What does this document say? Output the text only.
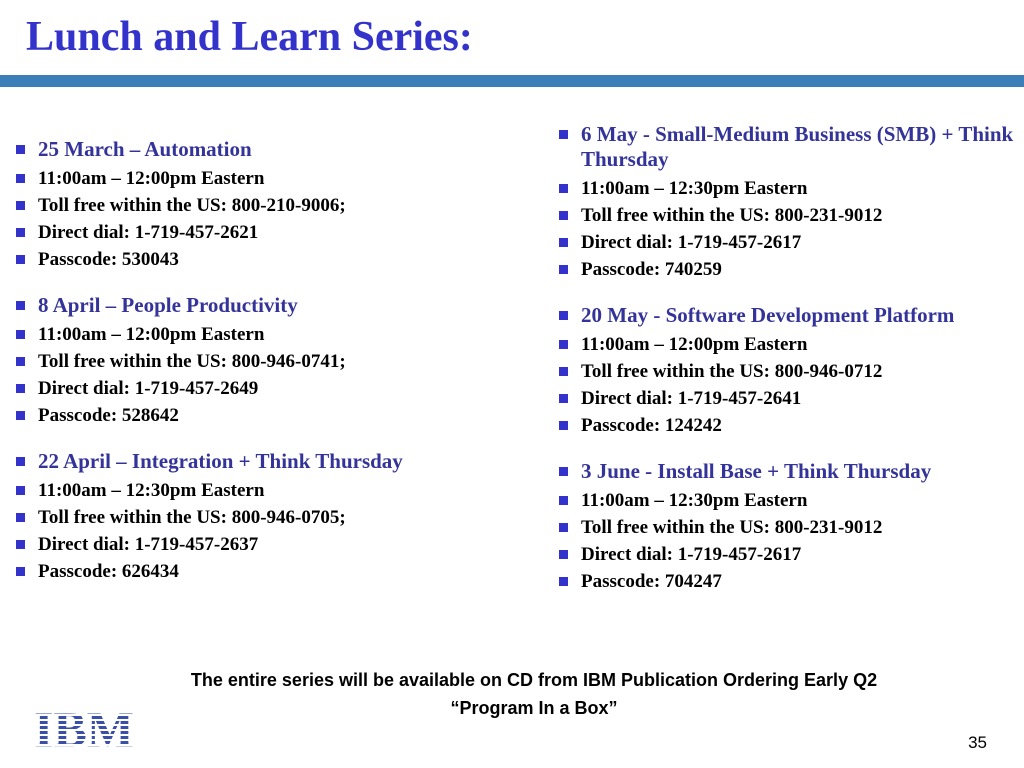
Lunch and Learn Series:

25 March – Automation

11:00am – 12:00pm Eastern

Toll free within the US: 800-210-9006;

Direct dial: 1-719-457-2621

Passcode: 530043

8 April – People Productivity

11:00am – 12:00pm Eastern

Toll free within the US: 800-946-0741;

Direct dial: 1-719-457-2649

Passcode: 528642

22 April – Integration + Think Thursday

11:00am – 12:30pm Eastern

Toll free within the US: 800-946-0705;

Direct dial: 1-719-457-2637

Passcode: 626434

6 May - Small-Medium Business (SMB) + Think Thursday

11:00am – 12:30pm Eastern

Toll free within the US: 800-231-9012

Direct dial: 1-719-457-2617

Passcode: 740259

20 May - Software Development Platform

11:00am – 12:00pm Eastern

Toll free within the US: 800-946-0712

Direct dial: 1-719-457-2641

Passcode: 124242

3 June - Install Base + Think Thursday

11:00am – 12:30pm Eastern

Toll free within the US: 800-231-9012

Direct dial: 1-719-457-2617

Passcode: 704247

The entire series will be available on CD from IBM Publication Ordering Early Q2

“Program In a Box”

35
